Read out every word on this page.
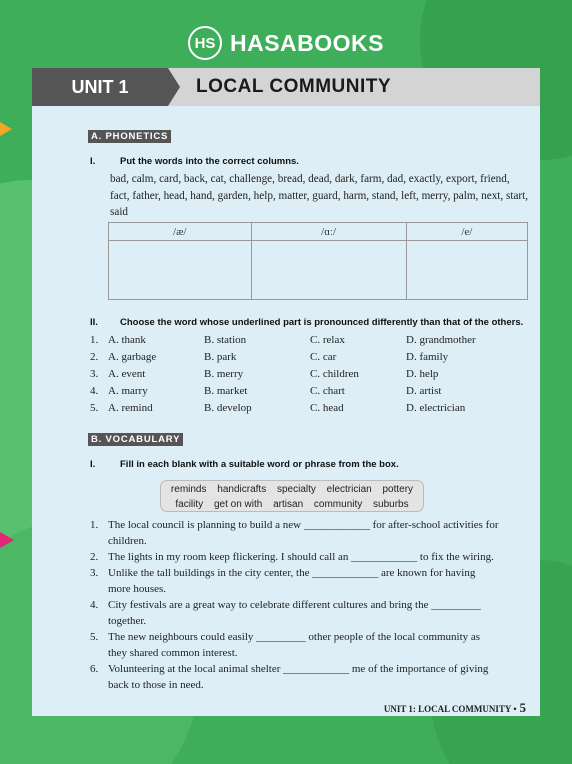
HS HASABOOKS
UNIT 1	LOCAL COMMUNITY
A. PHONETICS
I.	Put the words into the correct columns.
bad, calm, card, back, cat, challenge, bread, dead, dark, farm, dad, exactly, export, friend, fact, father, head, hand, garden, help, matter, guard, harm, stand, left, merry, palm, next, start, said
/æ/	/ɑː/	/e/

II. Choose the word whose underlined part is pronounced differently than that of the others.
1. A. thank	B. station	C. relax	D. grandmother
2. A. garbage	B. park	C. car	D. family
3. A. event	B. merry	C. children	D. help
4. A. marry	B. market	C. chart	D. artist
5. A. remind	B. develop	C. head	D. electrician
B. VOCABULARY
I.	Fill in each blank with a suitable word or phrase from the box.
reminds handicrafts specialty electrician pottery
facility get on with artisan community suburbs
1. The local council is planning to build a new ____________ for after-school activities for children.
2. The lights in my room keep flickering. I should call an ____________ to fix the wiring.
3. Unlike the tall buildings in the city center, the ____________ are known for having more houses.
4. City festivals are a great way to celebrate different cultures and bring the _________ together.
5. The new neighbours could easily _________ other people of the local community as they shared common interest.
6. Volunteering at the local animal shelter ____________ me of the importance of giving back to those in need.
UNIT 1: LOCAL COMMUNITY • 5
